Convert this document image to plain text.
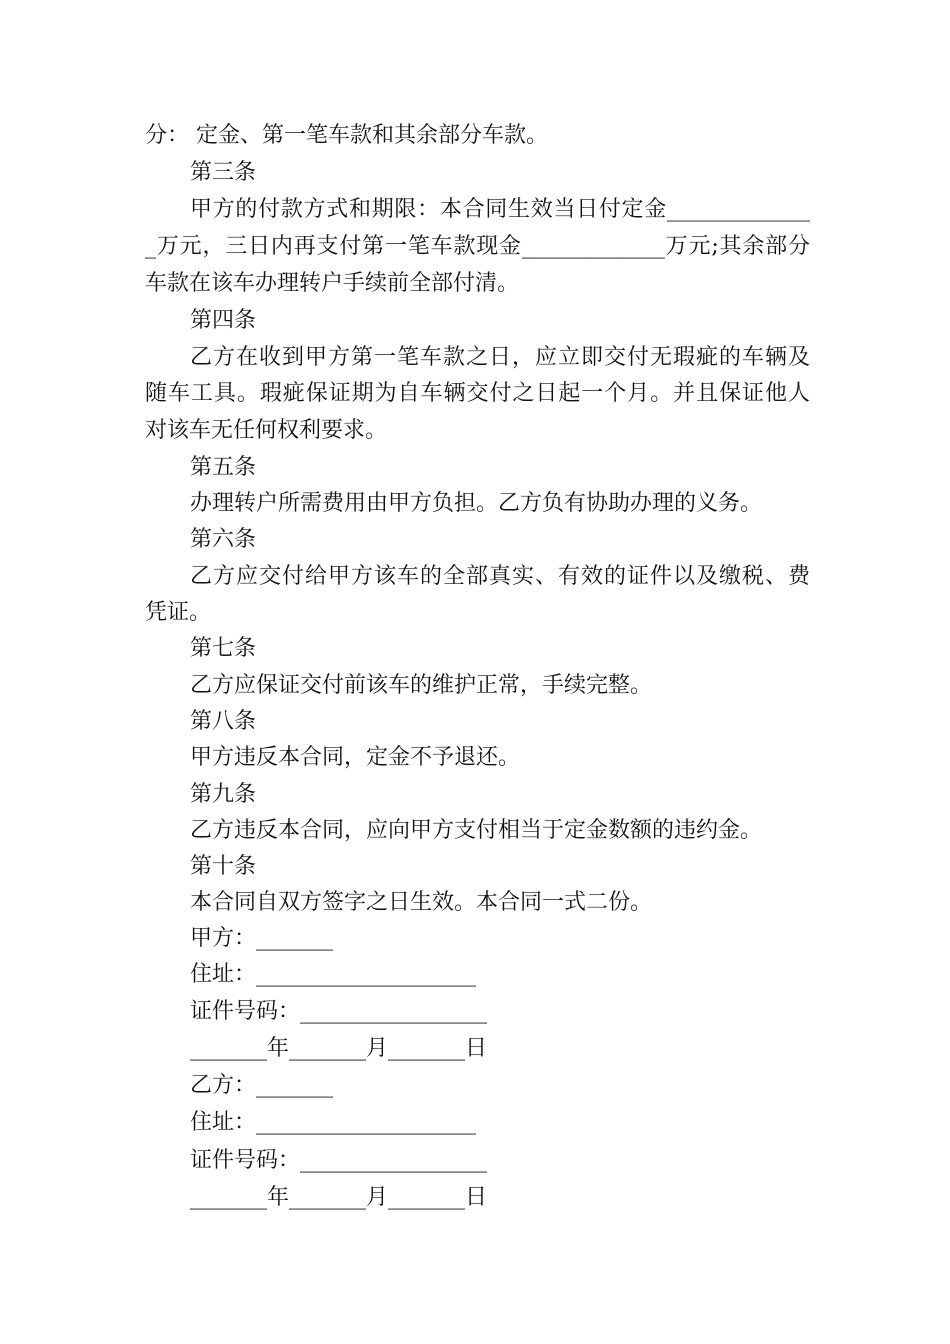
分： 定金、第一笔车款和其余部分车款。
第三条
甲方的付款方式和期限：本合同生效当日付定金_____________
_万元，三日内再支付第一笔车款现金_____________万元;其余部分
车款在该车办理转户手续前全部付清。
第四条
乙方在收到甲方第一笔车款之日，应立即交付无瑕疵的车辆及
随车工具。瑕疵保证期为自车辆交付之日起一个月。并且保证他人
对该车无任何权利要求。
第五条
办理转户所需费用由甲方负担。乙方负有协助办理的义务。
第六条
乙方应交付给甲方该车的全部真实、有效的证件以及缴税、费
凭证。
第七条
乙方应保证交付前该车的维护正常，手续完整。
第八条
甲方违反本合同，定金不予退还。
第九条
乙方违反本合同，应向甲方支付相当于定金数额的违约金。
第十条
本合同自双方签字之日生效。本合同一式二份。
甲方：_______
住址：____________________
证件号码：_________________
_______年_______月_______日
乙方：_______
住址：____________________
证件号码：_________________
_______年_______月_______日
